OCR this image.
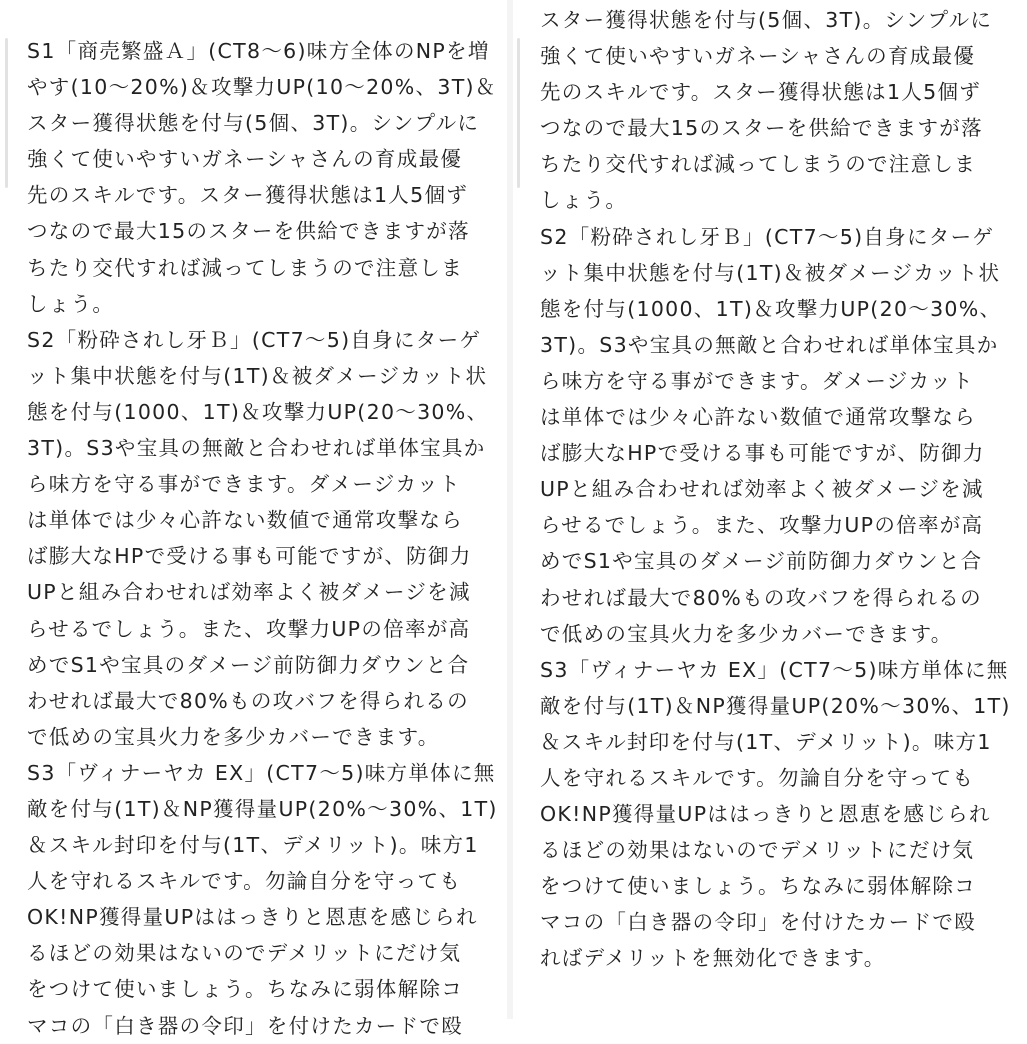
S1「商売繁盛Ａ」(CT8～6)味方全体のNPを増
やす(10～20%)＆攻撃力UP(10～20%、3T)＆
スター獲得状態を付与(5個、3T)。シンプルに
強くて使いやすいガネーシャさんの育成最優
先のスキルです。スター獲得状態は1人5個ず
つなので最大15のスターを供給できますが落
ちたり交代すれば減ってしまうので注意しま
しょう。
S2「粉砕されし牙Ｂ」(CT7～5)自身にターゲ
ット集中状態を付与(1T)＆被ダメージカット状
態を付与(1000、1T)＆攻撃力UP(20～30%、
3T)。S3や宝具の無敵と合わせれば単体宝具か
ら味方を守る事ができます。ダメージカット
は単体では少々心許ない数値で通常攻撃なら
ば膨大なHPで受ける事も可能ですが、防御力
UPと組み合わせれば効率よく被ダメージを減
らせるでしょう。また、攻撃力UPの倍率が高
めでS1や宝具のダメージ前防御力ダウンと合
わせれば最大で80%もの攻バフを得られるの
で低めの宝具火力を多少カバーできます。
S3「ヴィナーヤカ EX」(CT7～5)味方単体に無
敵を付与(1T)＆NP獲得量UP(20%～30%、1T)
＆スキル封印を付与(1T、デメリット)。味方1
人を守れるスキルです。勿論自分を守っても
OK!NP獲得量UPははっきりと恩恵を感じられ
るほどの効果はないのでデメリットにだけ気
をつけて使いましょう。ちなみに弱体解除コ
マコの「白き器の令印」を付けたカードで殴
スター獲得状態を付与(5個、3T)。シンプルに
強くて使いやすいガネーシャさんの育成最優
先のスキルです。スター獲得状態は1人5個ず
つなので最大15のスターを供給できますが落
ちたり交代すれば減ってしまうので注意しま
しょう。
S2「粉砕されし牙Ｂ」(CT7～5)自身にターゲ
ット集中状態を付与(1T)＆被ダメージカット状
態を付与(1000、1T)＆攻撃力UP(20～30%、
3T)。S3や宝具の無敵と合わせれば単体宝具か
ら味方を守る事ができます。ダメージカット
は単体では少々心許ない数値で通常攻撃なら
ば膨大なHPで受ける事も可能ですが、防御力
UPと組み合わせれば効率よく被ダメージを減
らせるでしょう。また、攻撃力UPの倍率が高
めでS1や宝具のダメージ前防御力ダウンと合
わせれば最大で80%もの攻バフを得られるの
で低めの宝具火力を多少カバーできます。
S3「ヴィナーヤカ EX」(CT7～5)味方単体に無
敵を付与(1T)＆NP獲得量UP(20%～30%、1T)
＆スキル封印を付与(1T、デメリット)。味方1
人を守れるスキルです。勿論自分を守っても
OK!NP獲得量UPははっきりと恩恵を感じられ
るほどの効果はないのでデメリットにだけ気
をつけて使いましょう。ちなみに弱体解除コ
マコの「白き器の令印」を付けたカードで殴
ればデメリットを無効化できます。
